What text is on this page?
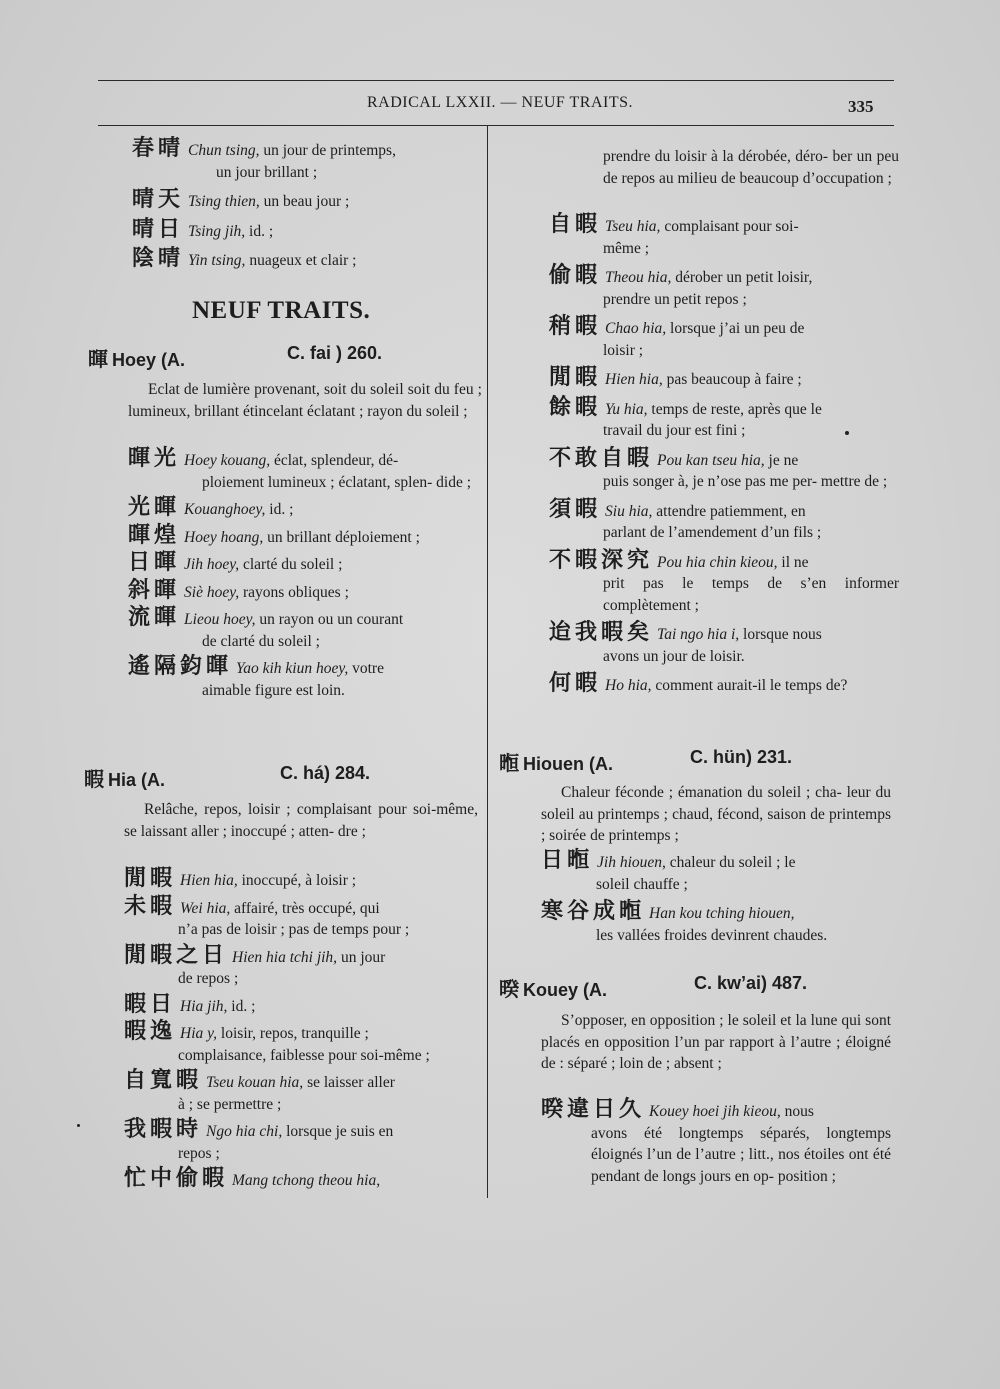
RADICAL LXXII. — NEUF TRAITS.	335
春晴 Chun tsing, un jour de printemps,
un jour brillant ;
晴天 Tsing thien, un beau jour ;
晴日 Tsing jih, id. ;
陰晴 Yin tsing, nuageux et clair ;
NEUF TRAITS.
暉 Hoey (A.	C. fai ) 260.
Eclat de lumière provenant, soit du soleil soit du feu ; lumineux, brillant étincelant éclatant ; rayon du soleil ;
暉光 Hoey kouang, éclat, splendeur, dé-
ploiement lumineux ; éclatant, splen- dide ;
光暉 Kouanghoey, id. ;
暉煌 Hoey hoang, un brillant déploiement ;
日暉 Jih hoey, clarté du soleil ;
斜暉 Siè hoey, rayons obliques ;
流暉 Lieou hoey, un rayon ou un courant
de clarté du soleil ;
遙隔鈞暉 Yao kih kiun hoey, votre
aimable figure est loin.
暇 Hia (A.	C. há) 284.
Relâche, repos, loisir ; complaisant pour soi-même, se laissant aller ; inoccupé ; atten- dre ;
閒暇 Hien hia, inoccupé, à loisir ;
未暇 Wei hia, affairé, très occupé, qui
n’a pas de loisir ; pas de temps pour ;
閒暇之日 Hien hia tchi jih, un jour
de repos ;
暇日 Hia jih, id. ;
暇逸 Hia y, loisir, repos, tranquille ;
complaisance, faiblesse pour soi-même ;
自寬暇 Tseu kouan hia, se laisser aller
à ; se permettre ;
我暇時 Ngo hia chi, lorsque je suis en
repos ;
忙中偷暇 Mang tchong theou hia,
prendre du loisir à la dérobée, déro- ber un peu de repos au milieu de beaucoup d’occupation ;
自暇 Tseu hia, complaisant pour soi-
même ;
偷暇 Theou hia, dérober un petit loisir,
prendre un petit repos ;
稍暇 Chao hia, lorsque j’ai un peu de
loisir ;
閒暇 Hien hia, pas beaucoup à faire ;
餘暇 Yu hia, temps de reste, après que le
travail du jour est fini ;
不敢自暇 Pou kan tseu hia, je ne
puis songer à, je n’ose pas me per- mettre de ;
須暇 Siu hia, attendre patiemment, en
parlant de l’amendement d’un fils ;
不暇深究 Pou hia chin kieou, il ne
prit pas le temps de s’en informer complètement ;
迨我暇矣 Tai ngo hia i, lorsque nous
avons un jour de loisir.
何暇 Ho hia, comment aurait-il le temps de?
暅 Hiouen (A.	C. hün) 231.
Chaleur féconde ; émanation du soleil ; cha- leur du soleil au printemps ; chaud, fécond, saison de printemps ; soirée de printemps ;
日暅 Jih hiouen, chaleur du soleil ; le
soleil chauffe ;
寒谷成暅 Han kou tching hiouen,
les vallées froides devinrent chaudes.
暌 Kouey (A.	C. kw’ai) 487.
S’opposer, en opposition ; le soleil et la lune qui sont placés en opposition l’un par rapport à l’autre ; éloigné de : séparé ; loin de ; absent ;
暌違日久 Kouey hoei jih kieou, nous
avons été longtemps séparés, longtemps éloignés l’un de l’autre ; litt., nos étoiles ont été pendant de longs jours en op- position ;
